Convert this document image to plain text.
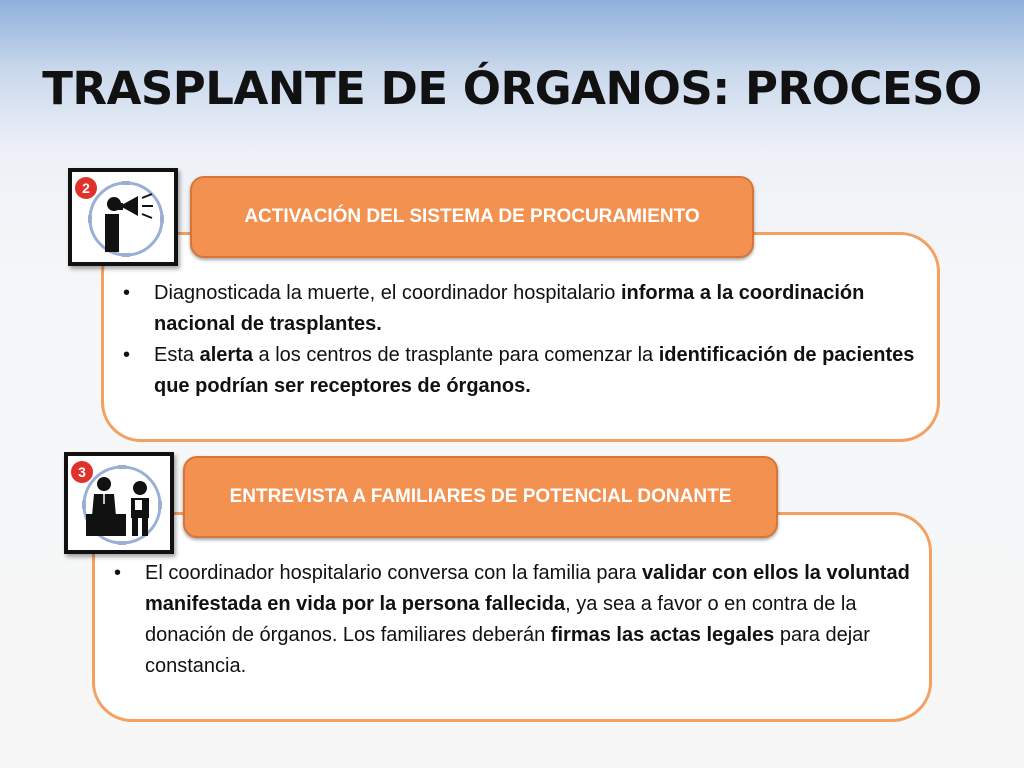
TRASPLANTE DE ÓRGANOS: PROCESO
ACTIVACIÓN DEL SISTEMA DE PROCURAMIENTO
2
• Diagnosticada la muerte, el coordinador hospitalario informa a la coordinación nacional de trasplantes.
• Esta alerta a los centros de trasplante para comenzar la identificación de pacientes que podrían ser receptores de órganos.
ENTREVISTA A FAMILIARES DE POTENCIAL DONANTE
3
• El coordinador hospitalario conversa con la familia para validar con ellos la voluntad manifestada en vida por la persona fallecida, ya sea a favor o en contra de la donación de órganos. Los familiares deberán firmas las actas legales para dejar constancia.
